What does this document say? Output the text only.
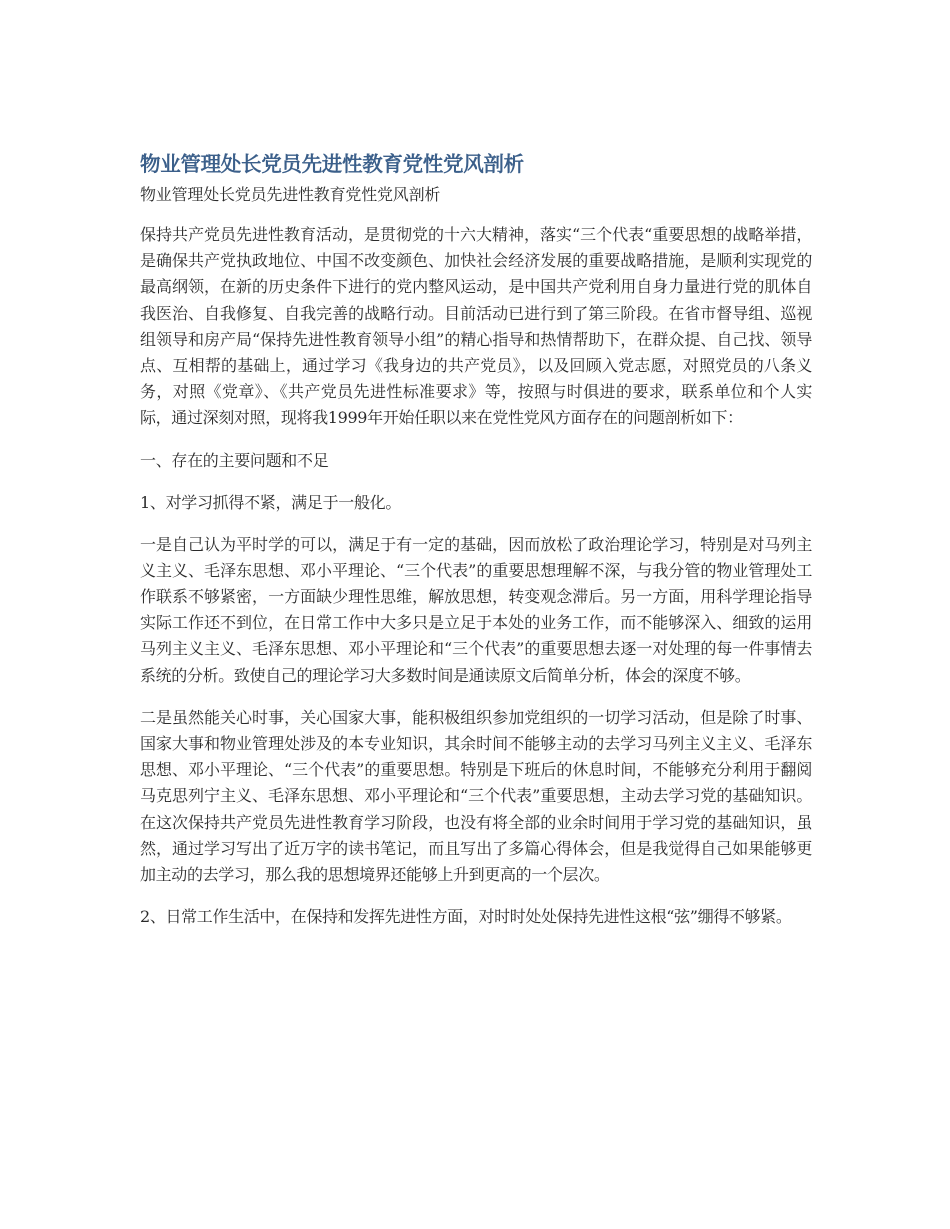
物业管理处长党员先进性教育党性党风剖析
物业管理处长党员先进性教育党性党风剖析

保持共产党员先进性教育活动，是贯彻党的十六大精神，落实“三个代表“重要思想的战略举措，是确保共产党执政地位、中国不改变颜色、加快社会经济发展的重要战略措施，是顺利实现党的最高纲领，在新的历史条件下进行的党内整风运动，是中国共产党利用自身力量进行党的肌体自我医治、自我修复、自我完善的战略行动。目前活动已进行到了第三阶段。在省市督导组、巡视组领导和房产局“保持先进性教育领导小组”的精心指导和热情帮助下，在群众提、自己找、领导点、互相帮的基础上，通过学习《我身边的共产党员》，以及回顾入党志愿，对照党员的八条义务，对照《党章》、《共产党员先进性标准要求》等，按照与时俱进的要求，联系单位和个人实际，通过深刻对照，现将我1999年开始任职以来在党性党风方面存在的问题剖析如下：

一、存在的主要问题和不足

1、对学习抓得不紧，满足于一般化。

一是自己认为平时学的可以，满足于有一定的基础，因而放松了政治理论学习，特别是对马列主义主义、毛泽东思想、邓小平理论、“三个代表”的重要思想理解不深，与我分管的物业管理处工作联系不够紧密，一方面缺少理性思维，解放思想，转变观念滞后。另一方面，用科学理论指导实际工作还不到位，在日常工作中大多只是立足于本处的业务工作，而不能够深入、细致的运用马列主义主义、毛泽东思想、邓小平理论和“三个代表”的重要思想去逐一对处理的每一件事情去系统的分析。致使自己的理论学习大多数时间是通读原文后简单分析，体会的深度不够。

二是虽然能关心时事，关心国家大事，能积极组织参加党组织的一切学习活动，但是除了时事、国家大事和物业管理处涉及的本专业知识，其余时间不能够主动的去学习马列主义主义、毛泽东思想、邓小平理论、“三个代表”的重要思想。特别是下班后的休息时间，不能够充分利用于翻阅马克思列宁主义、毛泽东思想、邓小平理论和“三个代表”重要思想，主动去学习党的基础知识。在这次保持共产党员先进性教育学习阶段，也没有将全部的业余时间用于学习党的基础知识，虽然，通过学习写出了近万字的读书笔记，而且写出了多篇心得体会，但是我觉得自己如果能够更加主动的去学习，那么我的思想境界还能够上升到更高的一个层次。

2、日常工作生活中，在保持和发挥先进性方面，对时时处处保持先进性这根“弦”绷得不够紧。
